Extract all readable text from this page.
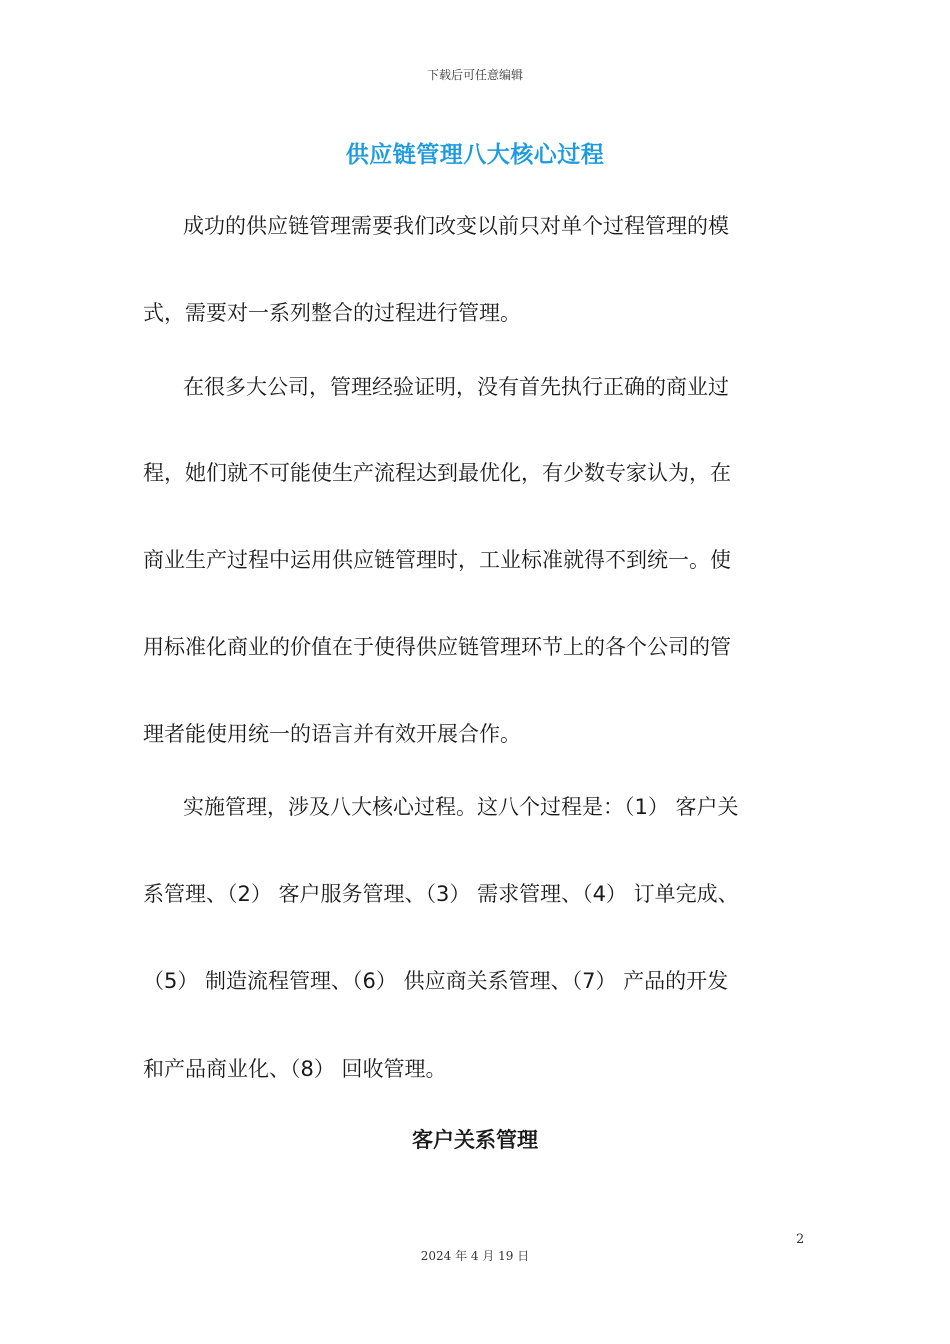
下载后可任意编辑
供应链管理八大核心过程
成功的供应链管理需要我们改变以前只对单个过程管理的模
式，需要对一系列整合的过程进行管理。
在很多大公司，管理经验证明，没有首先执行正确的商业过
程，她们就不可能使生产流程达到最优化，有少数专家认为，在
商业生产过程中运用供应链管理时，工业标准就得不到统一。使
用标准化商业的价值在于使得供应链管理环节上的各个公司的管
理者能使用统一的语言并有效开展合作。
实施管理，涉及八大核心过程。这八个过程是：（1） 客户关
系管理、（2） 客户服务管理、（3） 需求管理、（4） 订单完成、
（5） 制造流程管理、（6） 供应商关系管理、（7） 产品的开发
和产品商业化、（8） 回收管理。
客户关系管理
2
2024 年 4 月 19 日
